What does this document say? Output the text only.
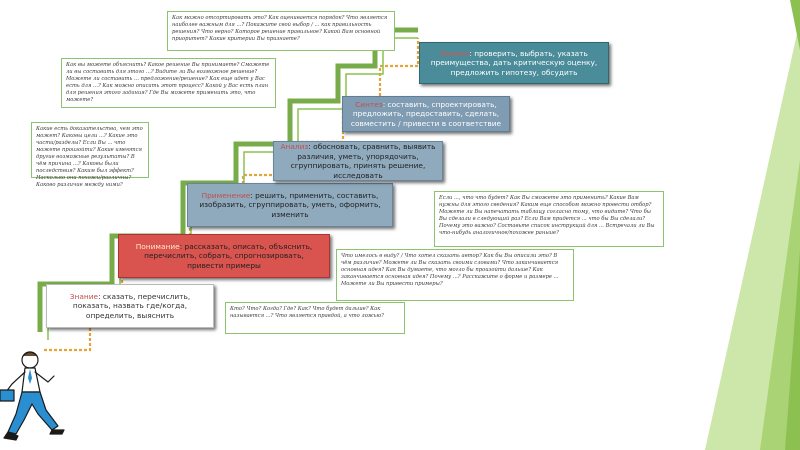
Знание: сказать, перечислить, показать, назвать где/когда, определить, выяснить
Понимание: рассказать, описать, объяснить, перечислить, собрать, спрогнозировать, привести примеры
Применение: решить, применить, составить, изобразить, сгруппировать, уметь, оформить, изменить
Анализ: обосновать, сравнить, выявить различия, уметь, упорядочить, сгруппировать, принять решение, исследовать
Синтез: составить, спроектировать, предложить, предоставить, сделать, совместить / привести в соответствие
Оценка: проверить, выбрать, указать преимущества, дать критическую оценку, предложить гипотезу, обсудить
Как можно отсортировать это? Как оценивается порядок? Что является наиболее важным для ...? Покажите свой выбор / ... как правильность решения? Что верно? Которое решение правильное? Какой Вам основной приоритет? Какие критерии Вы признаете?
Как вы можете объяснить? Какое решение Вы принимаете? Сможете ли вы составить для этого ...? Видите ли Вы возможное решение? Можете ли составить ... предложение/решение? Как еще идет у Вас есть для ...? Как можно описать этот процесс? Какой у Вас есть план для решения этого задания? Где Вы можете применить это, что можете?
Какие есть доказательства, чем это может? Каковы цели ...? Какие это части/разделы? Если Вы ... что можете произойти? Какие имеются другие возможные результаты? В чём причина ...? Каковы были последствия? Каким был эффект? Насколько они похожи/различны? Каково различие между ними?
Если ..., что что будет? Как Вы сможете это применить? Какие Вам нужны для этого сведения? Каким еще способом можно провести отбор? Можете ли Вы напечатать таблицу согласно тому, что видите? Что бы Вы сделали в следующий раз? Если Вам придется ... что бы Вы сделали? Почему это важно? Составьте список инструкций для ... Встречали ли Вы что-нибудь аналогичное/похожее раньше?
Что имелось в виду? / Что хотел сказать автор? Как бы Вы описали это? В чём различие? Можете ли Вы сказать своими словами? Что заканчивается основная идея? Как Вы думаете, что могло бы произойти дальше? Как заканчивается основная идея? Почему ...? Расскажите о форме и размере ... Можете ли Вы привести примеры?
Кто? Что? Когда? Где? Как? Что будет дальше? Как называется ...? Что является правдой, а что ложью?
